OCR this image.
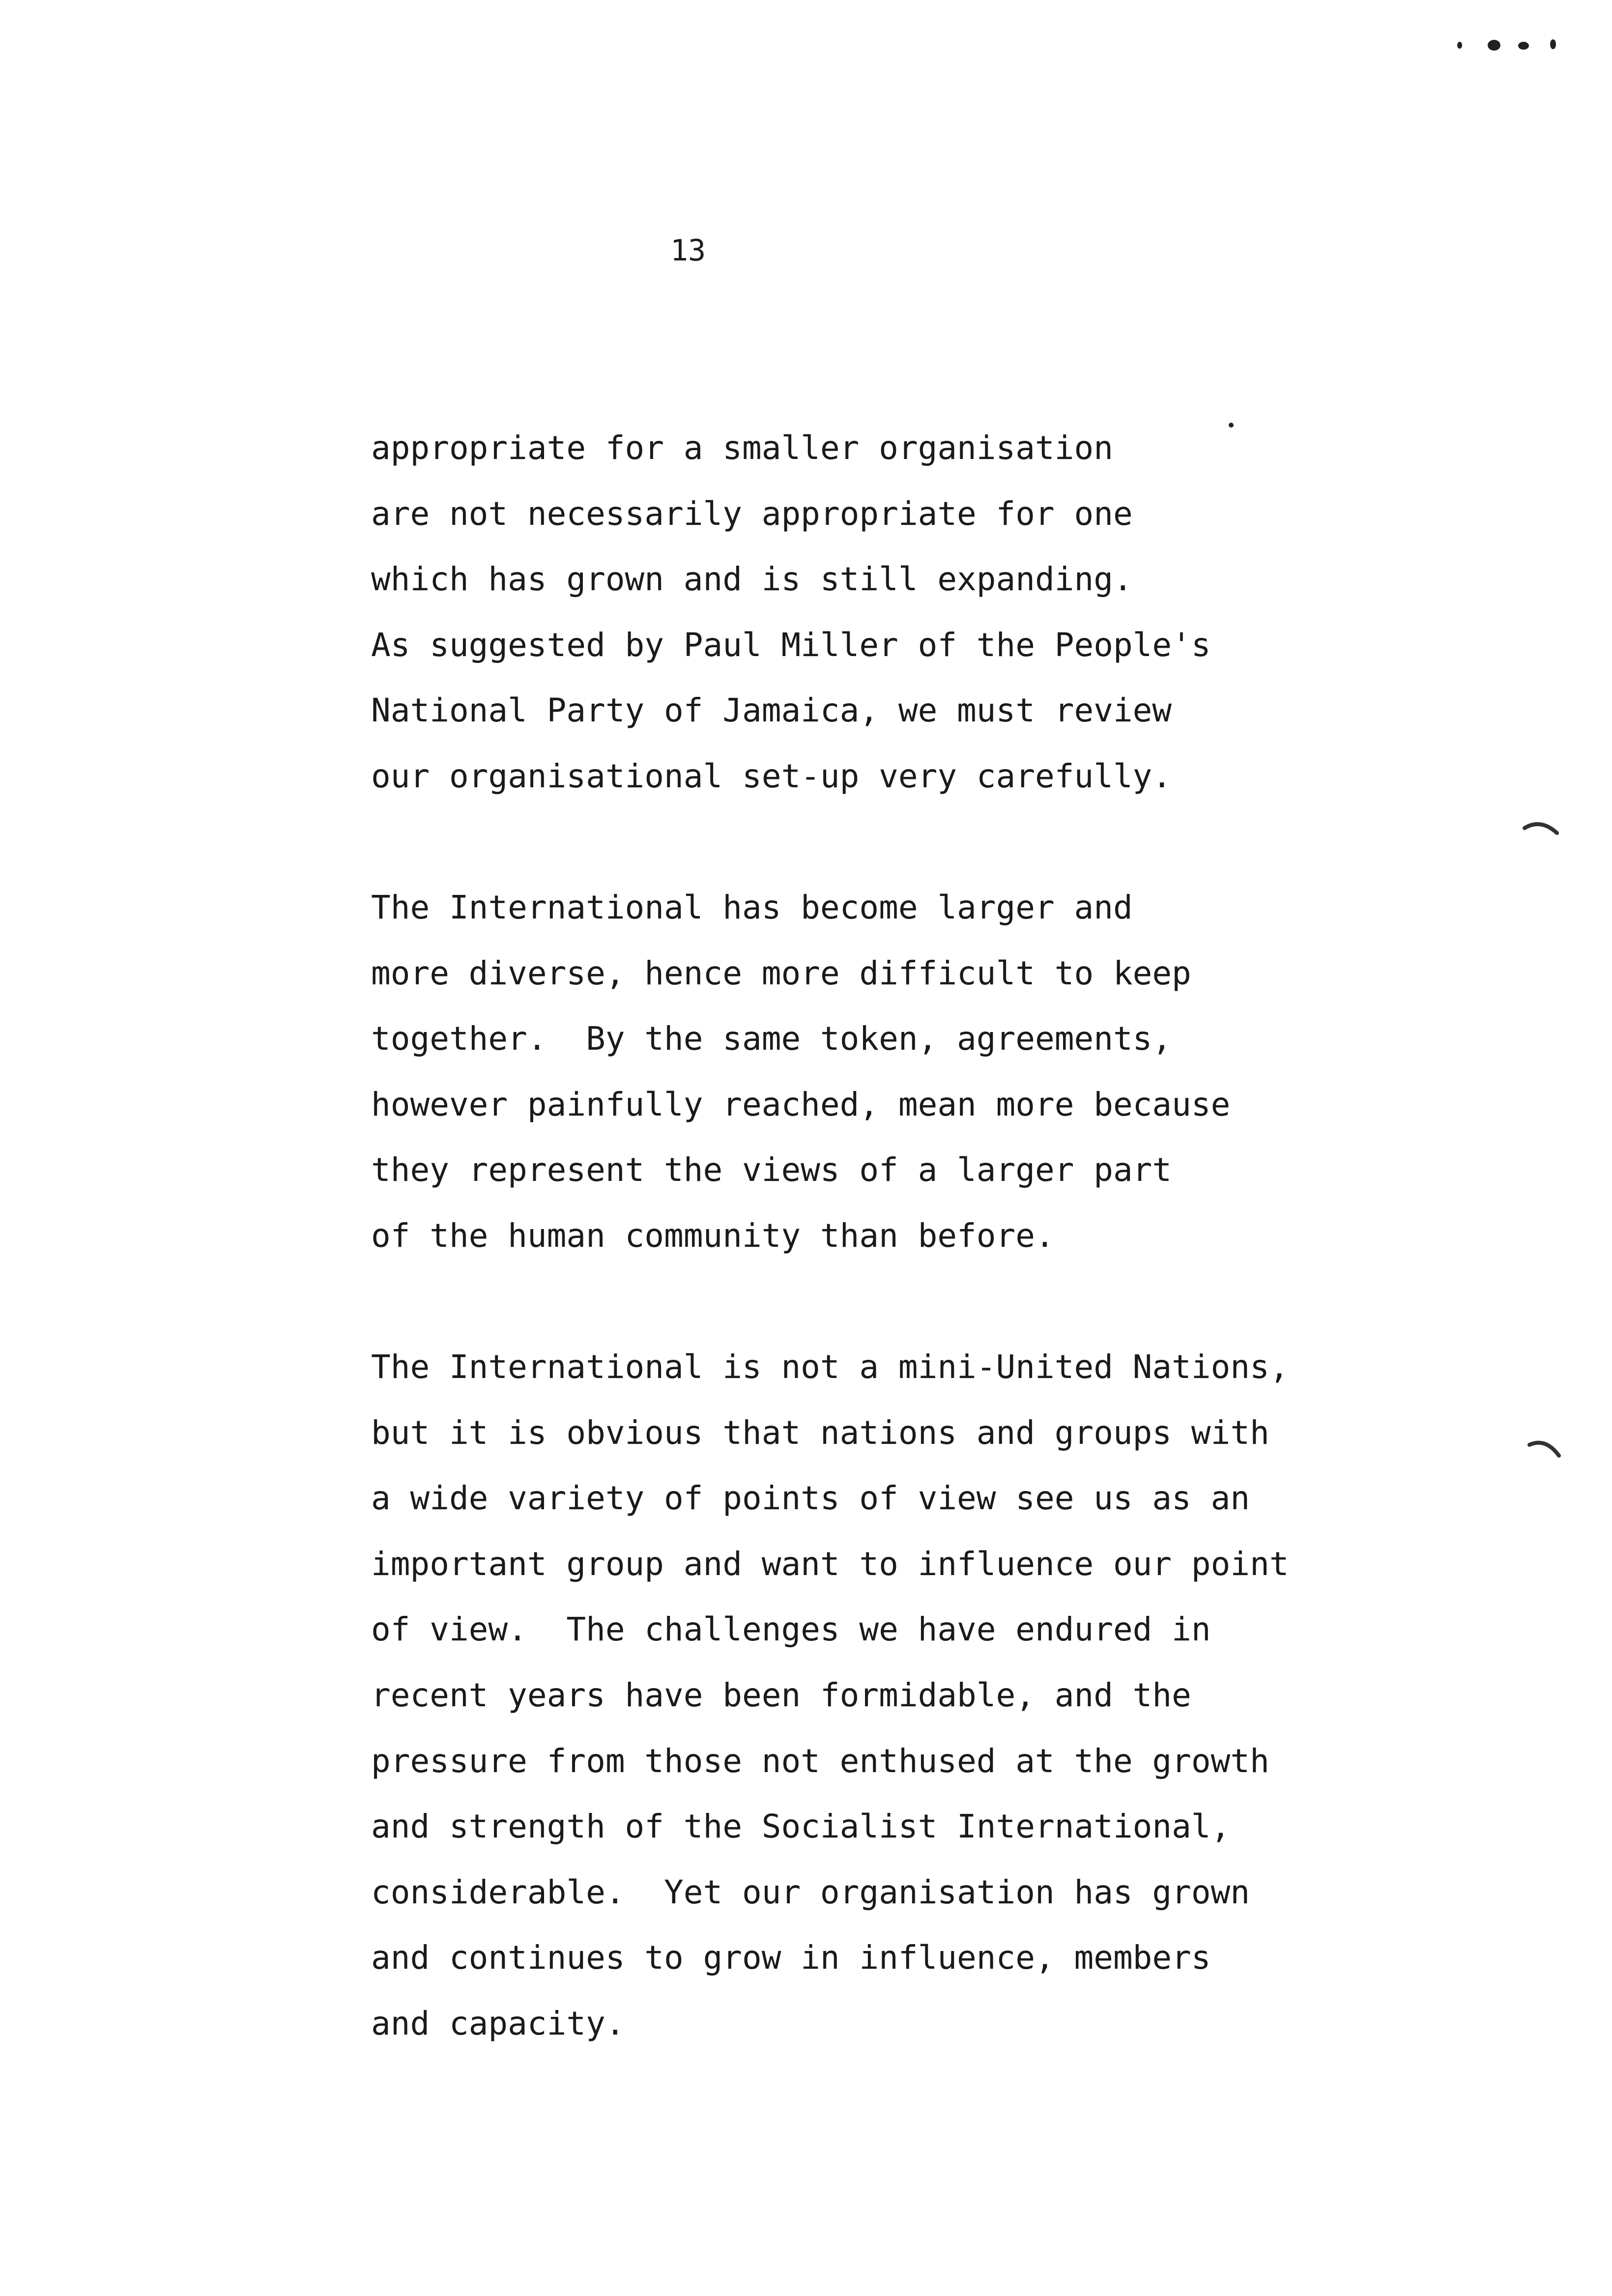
13
appropriate for a smaller organisation
are not necessarily appropriate for one
which has grown and is still expanding.
As suggested by Paul Miller of the People's
National Party of Jamaica, we must review
our organisational set-up very carefully.
The International has become larger and
more diverse, hence more difficult to keep
together.  By the same token, agreements,
however painfully reached, mean more because
they represent the views of a larger part
of the human community than before.
The International is not a mini-United Nations,
but it is obvious that nations and groups with
a wide variety of points of view see us as an
important group and want to influence our point
of view.  The challenges we have endured in
recent years have been formidable, and the
pressure from those not enthused at the growth
and strength of the Socialist International,
considerable.  Yet our organisation has grown
and continues to grow in influence, members
and capacity.
